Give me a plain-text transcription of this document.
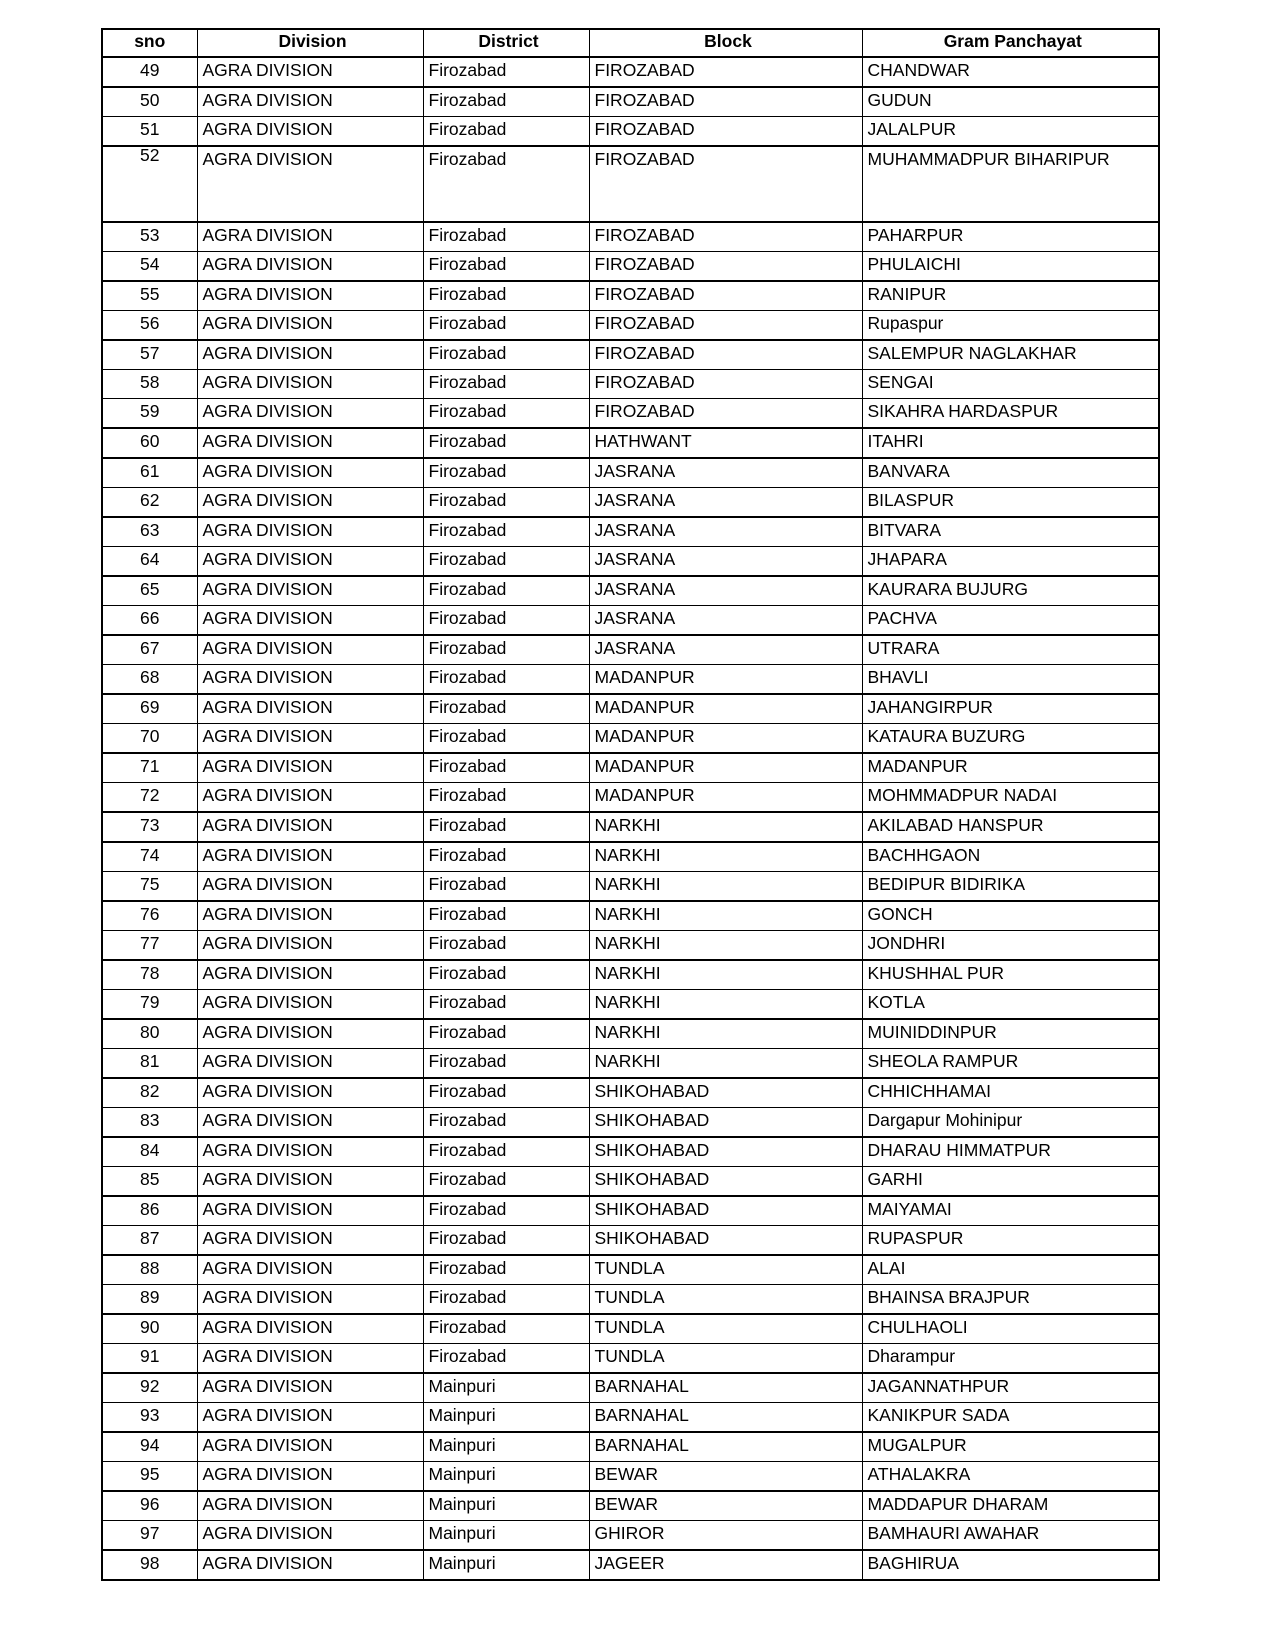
sno	Division	District	Block	Gram Panchayat

49	AGRA DIVISION	Firozabad	FIROZABAD	CHANDWAR

50	AGRA DIVISION	Firozabad	FIROZABAD	GUDUN

51	AGRA DIVISION	Firozabad	FIROZABAD	JALALPUR

52	AGRA DIVISION	Firozabad	FIROZABAD	MUHAMMADPUR BIHARIPUR

53	AGRA DIVISION	Firozabad	FIROZABAD	PAHARPUR

54	AGRA DIVISION	Firozabad	FIROZABAD	PHULAICHI

55	AGRA DIVISION	Firozabad	FIROZABAD	RANIPUR

56	AGRA DIVISION	Firozabad	FIROZABAD	Rupaspur

57	AGRA DIVISION	Firozabad	FIROZABAD	SALEMPUR NAGLAKHAR

58	AGRA DIVISION	Firozabad	FIROZABAD	SENGAI

59	AGRA DIVISION	Firozabad	FIROZABAD	SIKAHRA HARDASPUR

60	AGRA DIVISION	Firozabad	HATHWANT	ITAHRI

61	AGRA DIVISION	Firozabad	JASRANA	BANVARA

62	AGRA DIVISION	Firozabad	JASRANA	BILASPUR

63	AGRA DIVISION	Firozabad	JASRANA	BITVARA

64	AGRA DIVISION	Firozabad	JASRANA	JHAPARA

65	AGRA DIVISION	Firozabad	JASRANA	KAURARA BUJURG

66	AGRA DIVISION	Firozabad	JASRANA	PACHVA

67	AGRA DIVISION	Firozabad	JASRANA	UTRARA

68	AGRA DIVISION	Firozabad	MADANPUR	BHAVLI

69	AGRA DIVISION	Firozabad	MADANPUR	JAHANGIRPUR

70	AGRA DIVISION	Firozabad	MADANPUR	KATAURA BUZURG

71	AGRA DIVISION	Firozabad	MADANPUR	MADANPUR

72	AGRA DIVISION	Firozabad	MADANPUR	MOHMMADPUR NADAI

73	AGRA DIVISION	Firozabad	NARKHI	AKILABAD HANSPUR

74	AGRA DIVISION	Firozabad	NARKHI	BACHHGAON

75	AGRA DIVISION	Firozabad	NARKHI	BEDIPUR BIDIRIKA

76	AGRA DIVISION	Firozabad	NARKHI	GONCH

77	AGRA DIVISION	Firozabad	NARKHI	JONDHRI

78	AGRA DIVISION	Firozabad	NARKHI	KHUSHHAL PUR

79	AGRA DIVISION	Firozabad	NARKHI	KOTLA

80	AGRA DIVISION	Firozabad	NARKHI	MUINIDDINPUR

81	AGRA DIVISION	Firozabad	NARKHI	SHEOLA RAMPUR

82	AGRA DIVISION	Firozabad	SHIKOHABAD	CHHICHHAMAI

83	AGRA DIVISION	Firozabad	SHIKOHABAD	Dargapur Mohinipur

84	AGRA DIVISION	Firozabad	SHIKOHABAD	DHARAU HIMMATPUR

85	AGRA DIVISION	Firozabad	SHIKOHABAD	GARHI

86	AGRA DIVISION	Firozabad	SHIKOHABAD	MAIYAMAI

87	AGRA DIVISION	Firozabad	SHIKOHABAD	RUPASPUR

88	AGRA DIVISION	Firozabad	TUNDLA	ALAI

89	AGRA DIVISION	Firozabad	TUNDLA	BHAINSA BRAJPUR

90	AGRA DIVISION	Firozabad	TUNDLA	CHULHAOLI

91	AGRA DIVISION	Firozabad	TUNDLA	Dharampur

92	AGRA DIVISION	Mainpuri	BARNAHAL	JAGANNATHPUR

93	AGRA DIVISION	Mainpuri	BARNAHAL	KANIKPUR SADA

94	AGRA DIVISION	Mainpuri	BARNAHAL	MUGALPUR

95	AGRA DIVISION	Mainpuri	BEWAR	ATHALAKRA

96	AGRA DIVISION	Mainpuri	BEWAR	MADDAPUR DHARAM

97	AGRA DIVISION	Mainpuri	GHIROR	BAMHAURI AWAHAR

98	AGRA DIVISION	Mainpuri	JAGEER	BAGHIRUA
